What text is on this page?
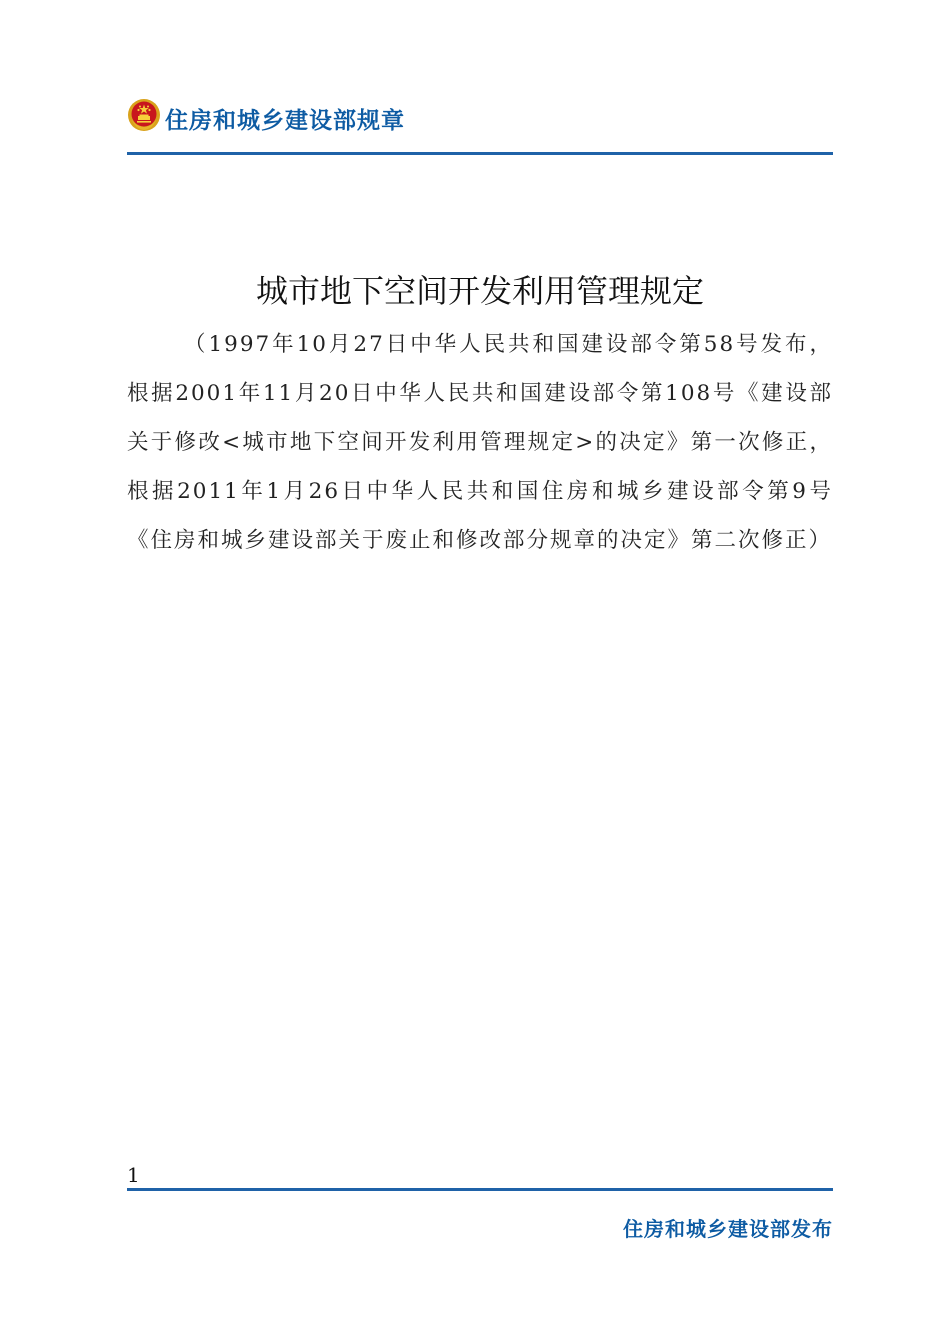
住房和城乡建设部规章
城市地下空间开发利用管理规定

（1997年10月27日中华人民共和国建设部令第58号发布，根据2001年11月20日中华人民共和国建设部令第108号《建设部关于修改<城市地下空间开发利用管理规定>的决定》第一次修正，根据2011年1月26日中华人民共和国住房和城乡建设部令第9号《住房和城乡建设部关于废止和修改部分规章的决定》第二次修正）

1
住房和城乡建设部发布
